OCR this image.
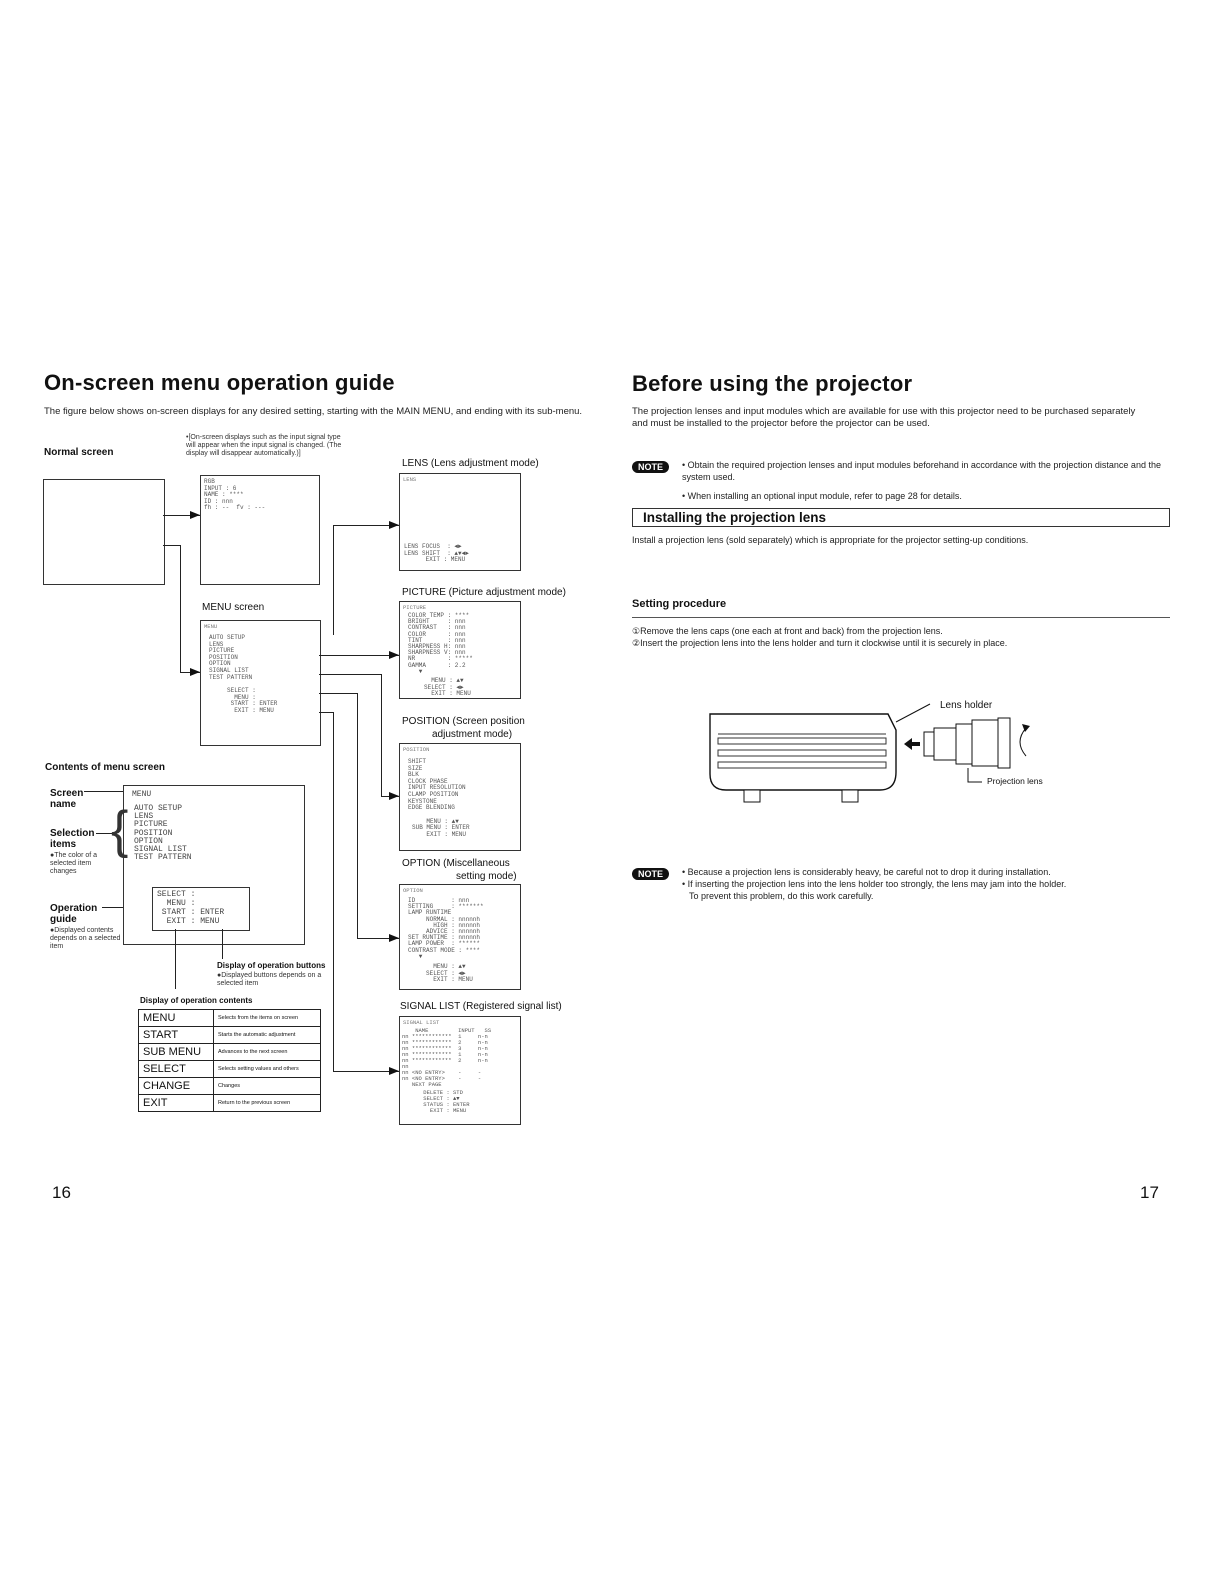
On-screen menu operation guide
The figure below shows on-screen displays for any desired setting, starting with the MAIN MENU, and ending with its sub-menu.
Normal screen
•[On-screen displays such as the input signal type will appear when the input signal is changed. (The display will disappear automatically.)]
RGB
INPUT : 6
NAME : ****
ID : nnn
fh : --  fv : ---
MENU screen
MENU
AUTO SETUP
LENS
PICTURE
POSITION
OPTION
SIGNAL LIST
TEST PATTERN
SELECT :
MENU :
START : ENTER
EXIT : MENU
Contents of menu screen
Screen name
Selection items
●The color of a selected item changes
Operation guide
●Displayed contents depends on a selected item
MENU
AUTO SETUP
LENS
PICTURE
POSITION
OPTION
SIGNAL LIST
TEST PATTERN
{
SELECT :
MENU :
START : ENTER
EXIT : MENU
Display of operation buttons
●Displayed buttons depends on a selected item
Display of operation contents
MENU	Selects from the items on screen
START	Starts the automatic adjustment
SUB MENU	Advances to the next screen
SELECT	Selects setting values and others
CHANGE	Changes
EXIT	Return to the previous screen
LENS (Lens adjustment mode)
LENS
LENS FOCUS  : ◄►
LENS SHIFT  : ▲▼◄►
EXIT : MENU
PICTURE (Picture adjustment mode)
PICTURE
COLOR TEMP : ****
BRIGHT     : nnn
CONTRAST   : nnn
COLOR      : nnn
TINT       : nnn
SHARPNESS H: nnn
SHARPNESS V: nnn
NR         : *****
GAMMA      : 2.2
▼
MENU : ▲▼
SELECT : ◄►
EXIT : MENU
POSITION (Screen position
adjustment mode)
POSITION
SHIFT
SIZE
BLK
CLOCK PHASE
INPUT RESOLUTION
CLAMP POSITION
KEYSTONE
EDGE BLENDING
MENU : ▲▼
SUB MENU : ENTER
EXIT : MENU
OPTION (Miscellaneous
setting mode)
OPTION
ID          : nnn
SETTING     : *******
LAMP RUNTIME
NORMAL : nnnnnh
HIGH : nnnnnh
ADVICE : nnnnnh
SET RUNTIME : nnnnnh
LAMP POWER  : ******
CONTRAST MODE : ****
▼
MENU : ▲▼
SELECT : ◄►
EXIT : MENU
SIGNAL LIST (Registered signal list)
SIGNAL LIST
NAME         INPUT   SS
nn ************  1     n-n
nn ************  2     n-n
nn ************  3     n-n
nn ************  1     n-n
nn ************  2     n-n
nn
nn <NO ENTRY>    -     -
nn <NO ENTRY>    -     -
NEXT PAGE
DELETE : STD
SELECT : ▲▼
STATUS : ENTER
EXIT : MENU
16
Before using the projector
The projection lenses and input modules which are available for use with this projector need to be purchased separately and must be installed to the projector before the projector can be used.
NOTE	• Obtain the required projection lenses and input modules beforehand in accordance with the projection distance and the system used.
• When installing an optional input module, refer to page 28 for details.
Installing the projection lens
Install a projection lens (sold separately) which is appropriate for the projector setting-up conditions.
Setting procedure
①Remove the lens caps (one each at front and back) from the projection lens.
②Insert the projection lens into the lens holder and turn it clockwise until it is securely in place.
Lens holder
Projection lens
NOTE	• Because a projection lens is considerably heavy, be careful not to drop it during installation.
• If inserting the projection lens into the lens holder too strongly, the lens may jam into the holder.
To prevent this problem, do this work carefully.
17
